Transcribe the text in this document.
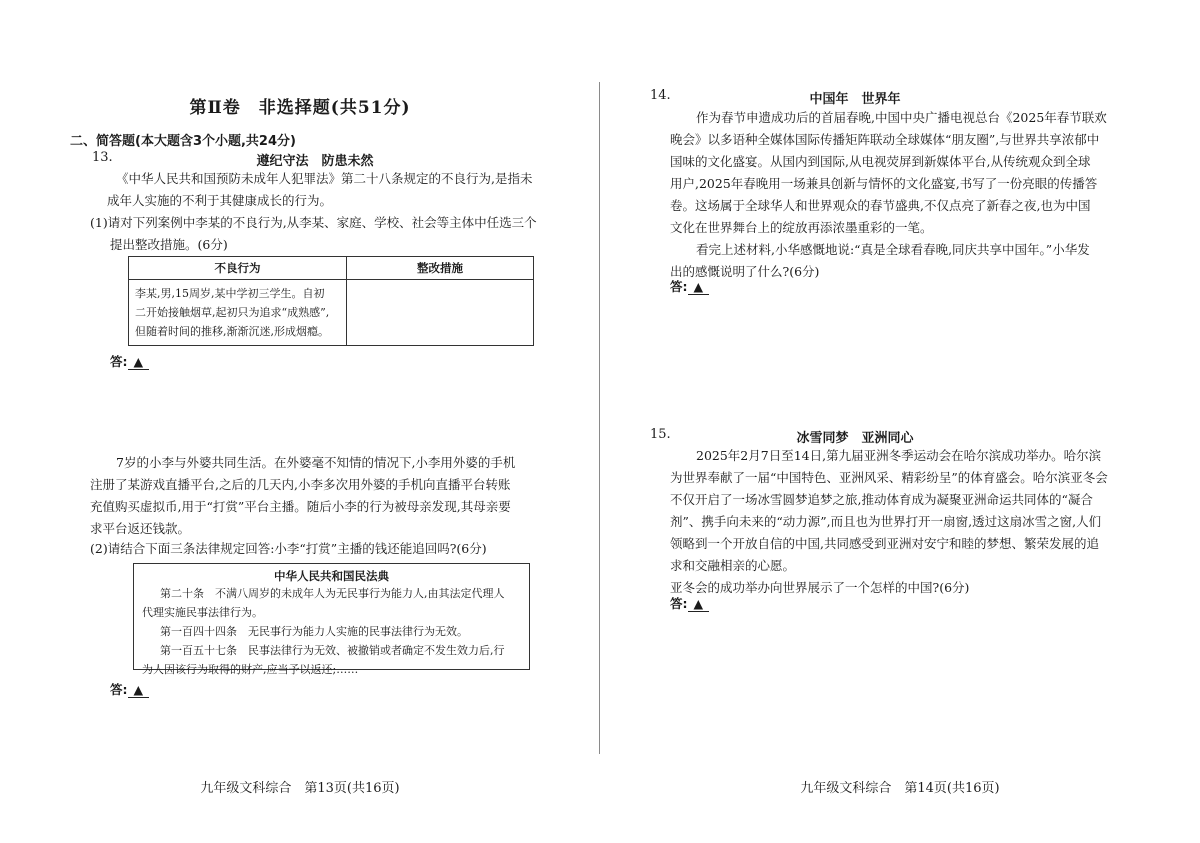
第Ⅱ卷　非选择题(共51分)
二、简答题(本大题含3个小题,共24分)
13.	遵纪守法　防患未然
《中华人民共和国预防未成年人犯罪法》第二十八条规定的不良行为,是指未
成年人实施的不利于其健康成长的行为。
(1)请对下列案例中李某的不良行为,从李某、家庭、学校、社会等主体中任选三个
提出整改措施。(6分)
不良行为	整改措施

李某,男,15周岁,某中学初三学生。自初
二开始接触烟草,起初只为追求“成熟感”,
但随着时间的推移,渐渐沉迷,形成烟瘾。	

答: ▲
7岁的小李与外婆共同生活。在外婆毫不知情的情况下,小李用外婆的手机
注册了某游戏直播平台,之后的几天内,小李多次用外婆的手机向直播平台转账
充值购买虚拟币,用于“打赏”平台主播。随后小李的行为被母亲发现,其母亲要
求平台返还钱款。
(2)请结合下面三条法律规定回答:小李“打赏”主播的钱还能追回吗?(6分)
中华人民共和国民法典
第二十条　不满八周岁的未成年人为无民事行为能力人,由其法定代理人
代理实施民事法律行为。
第一百四十四条　无民事行为能力人实施的民事法律行为无效。
第一百五十七条　民事法律行为无效、被撤销或者确定不发生效力后,行
为人因该行为取得的财产,应当予以返还;……
答: ▲
九年级文科综合　第13页(共16页)
14.	中国年　世界年
作为春节申遗成功后的首届春晚,中国中央广播电视总台《2025年春节联欢
晚会》以多语种全媒体国际传播矩阵联动全球媒体“朋友圈”,与世界共享浓郁中
国味的文化盛宴。从国内到国际,从电视荧屏到新媒体平台,从传统观众到全球
用户,2025年春晚用一场兼具创新与情怀的文化盛宴,书写了一份亮眼的传播答
卷。这场属于全球华人和世界观众的春节盛典,不仅点亮了新春之夜,也为中国
文化在世界舞台上的绽放再添浓墨重彩的一笔。
看完上述材料,小华感慨地说:“真是全球看春晚,同庆共享中国年。”小华发
出的感慨说明了什么?(6分)
答: ▲
15.	冰雪同梦　亚洲同心
2025年2月7日至14日,第九届亚洲冬季运动会在哈尔滨成功举办。哈尔滨
为世界奉献了一届“中国特色、亚洲风采、精彩纷呈”的体育盛会。哈尔滨亚冬会
不仅开启了一场冰雪圆梦追梦之旅,推动体育成为凝聚亚洲命运共同体的“凝合
剂”、携手向未来的“动力源”,而且也为世界打开一扇窗,透过这扇冰雪之窗,人们
领略到一个开放自信的中国,共同感受到亚洲对安宁和睦的梦想、繁荣发展的追
求和交融相亲的心愿。
亚冬会的成功举办向世界展示了一个怎样的中国?(6分)
答: ▲
九年级文科综合　第14页(共16页)
